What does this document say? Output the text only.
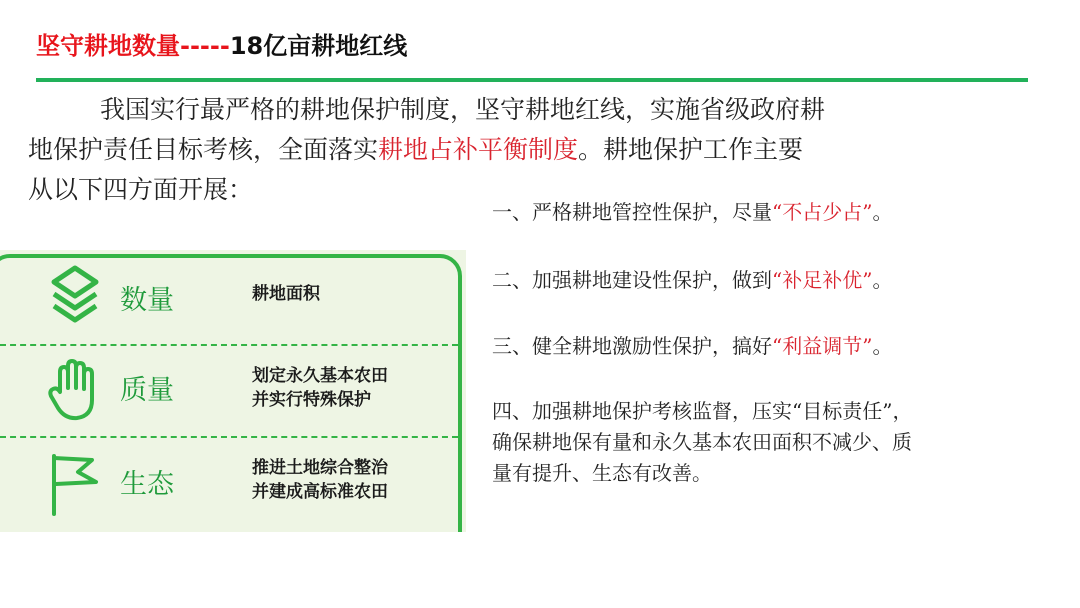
坚守耕地数量-----18亿亩耕地红线
我国实行最严格的耕地保护制度，坚守耕地红线，实施省级政府耕
地保护责任目标考核，全面落实耕地占补平衡制度。耕地保护工作主要
从以下四方面开展：
一、严格耕地管控性保护，尽量“不占少占”。
二、加强耕地建设性保护，做到“补足补优”。
三、健全耕地激励性保护，搞好“利益调节”。
四、加强耕地保护考核监督，压实“目标责任”，
确保耕地保有量和永久基本农田面积不减少、质
量有提升、生态有改善。
数量	耕地面积
质量	划定永久基本农田
并实行特殊保护
生态
推进土地综合整治
并建成高标准农田
